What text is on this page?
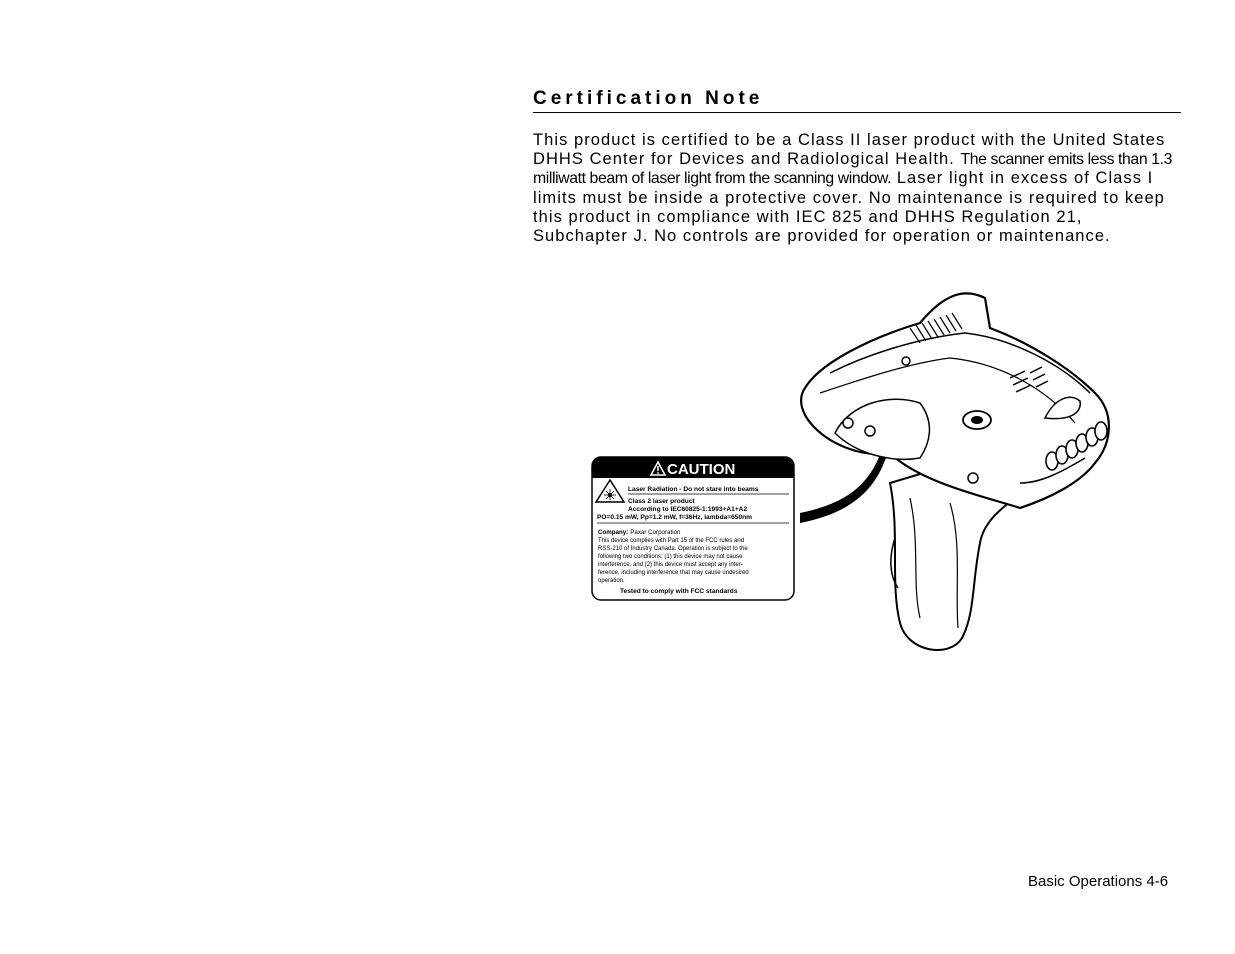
Certification Note

This product is certified to be a Class II laser product with the United States DHHS Center for Devices and Radiological Health. The scanner emits less than 1.3 milliwatt beam of laser light from the scanning window. Laser light in excess of Class I limits must be inside a protective cover. No maintenance is required to keep this product in compliance with IEC 825 and DHHS Regulation 21, Subchapter J. No controls are provided for operation or maintenance.

CAUTION
Laser Radiation - Do not stare into beams
Class 2 laser product
According to IEC60825-1:1993+A1+A2
PO=0.15 mW, Pp=1.2 mW, f=36Hz, lambda=650nm
Company: Paxar Corporation
This device complies with Part 15 of the FCC rules and
RSS-210 of Industry Canada. Operation is subject to the
following two conditions: (1) this device may not cause
interference, and (2) this device must accept any inter-
ference, including interference that may cause undesired
operation.
Tested to comply with FCC standards
Basic Operations 4-6
